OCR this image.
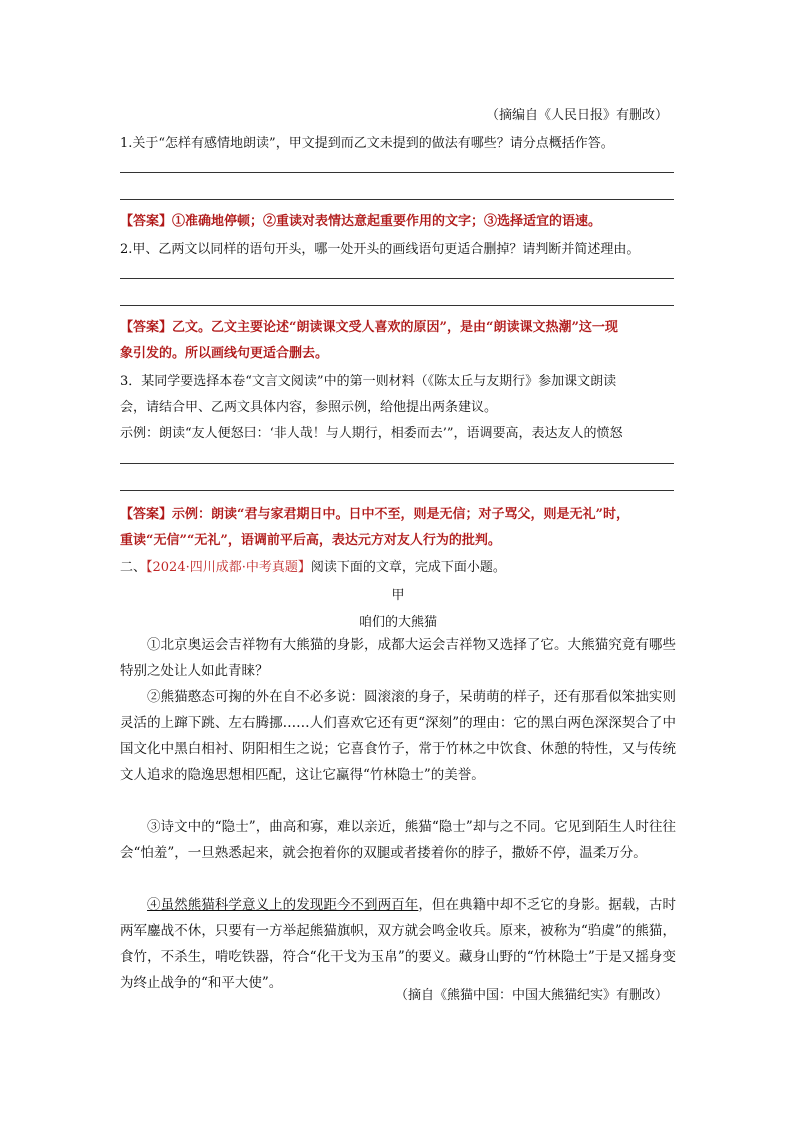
（摘编自《人民日报》有删改）
1.关于“怎样有感情地朗读”，甲文提到而乙文未提到的做法有哪些？请分点概括作答。
【答案】①准确地停顿；②重读对表情达意起重要作用的文字；③选择适宜的语速。
2.甲、乙两文以同样的语句开头，哪一处开头的画线语句更适合删掉？请判断并简述理由。
【答案】乙文。乙文主要论述“朗读课文受人喜欢的原因”，是由“朗读课文热潮”这一现
象引发的。所以画线句更适合删去。
3．某同学要选择本卷“文言文阅读”中的第一则材料（《陈太丘与友期行》参加课文朗读
会，请结合甲、乙两文具体内容，参照示例，给他提出两条建议。
示例：朗读“友人便怒曰：‘非人哉！与人期行，相委而去’”，语调要高，表达友人的愤怒
【答案】示例：朗读“君与家君期日中。日中不至，则是无信；对子骂父，则是无礼”时，
重读“无信”“无礼”，语调前平后高，表达元方对友人行为的批判。
二、【2024·四川成都·中考真题】阅读下面的文章，完成下面小题。
甲
咱们的大熊猫
①北京奥运会吉祥物有大熊猫的身影，成都大运会吉祥物又选择了它。大熊猫究竟有哪些特别之处让人如此青睐？
②熊猫憨态可掬的外在自不必多说：圆滚滚的身子，呆萌萌的样子，还有那看似笨拙实则灵活的上蹿下跳、左右腾挪……人们喜欢它还有更“深刻”的理由：它的黑白两色深深契合了中国文化中黑白相衬、阴阳相生之说；它喜食竹子，常于竹林之中饮食、休憩的特性，又与传统文人追求的隐逸思想相匹配，这让它赢得“竹林隐士”的美誉。
③诗文中的“隐士”，曲高和寡，难以亲近，熊猫“隐士”却与之不同。它见到陌生人时往往会“怕羞”，一旦熟悉起来，就会抱着你的双腿或者搂着你的脖子，撒娇不停，温柔万分。
④虽然熊猫科学意义上的发现距今不到两百年，但在典籍中却不乏它的身影。据载，古时两军鏖战不休，只要有一方举起熊猫旗帜，双方就会鸣金收兵。原来，被称为“驺虞”的熊猫，食竹，不杀生，啃吃铁器，符合“化干戈为玉帛”的要义。藏身山野的“竹林隐士”于是又摇身变为终止战争的“和平大使”。
（摘自《熊猫中国：中国大熊猫纪实》有删改）
